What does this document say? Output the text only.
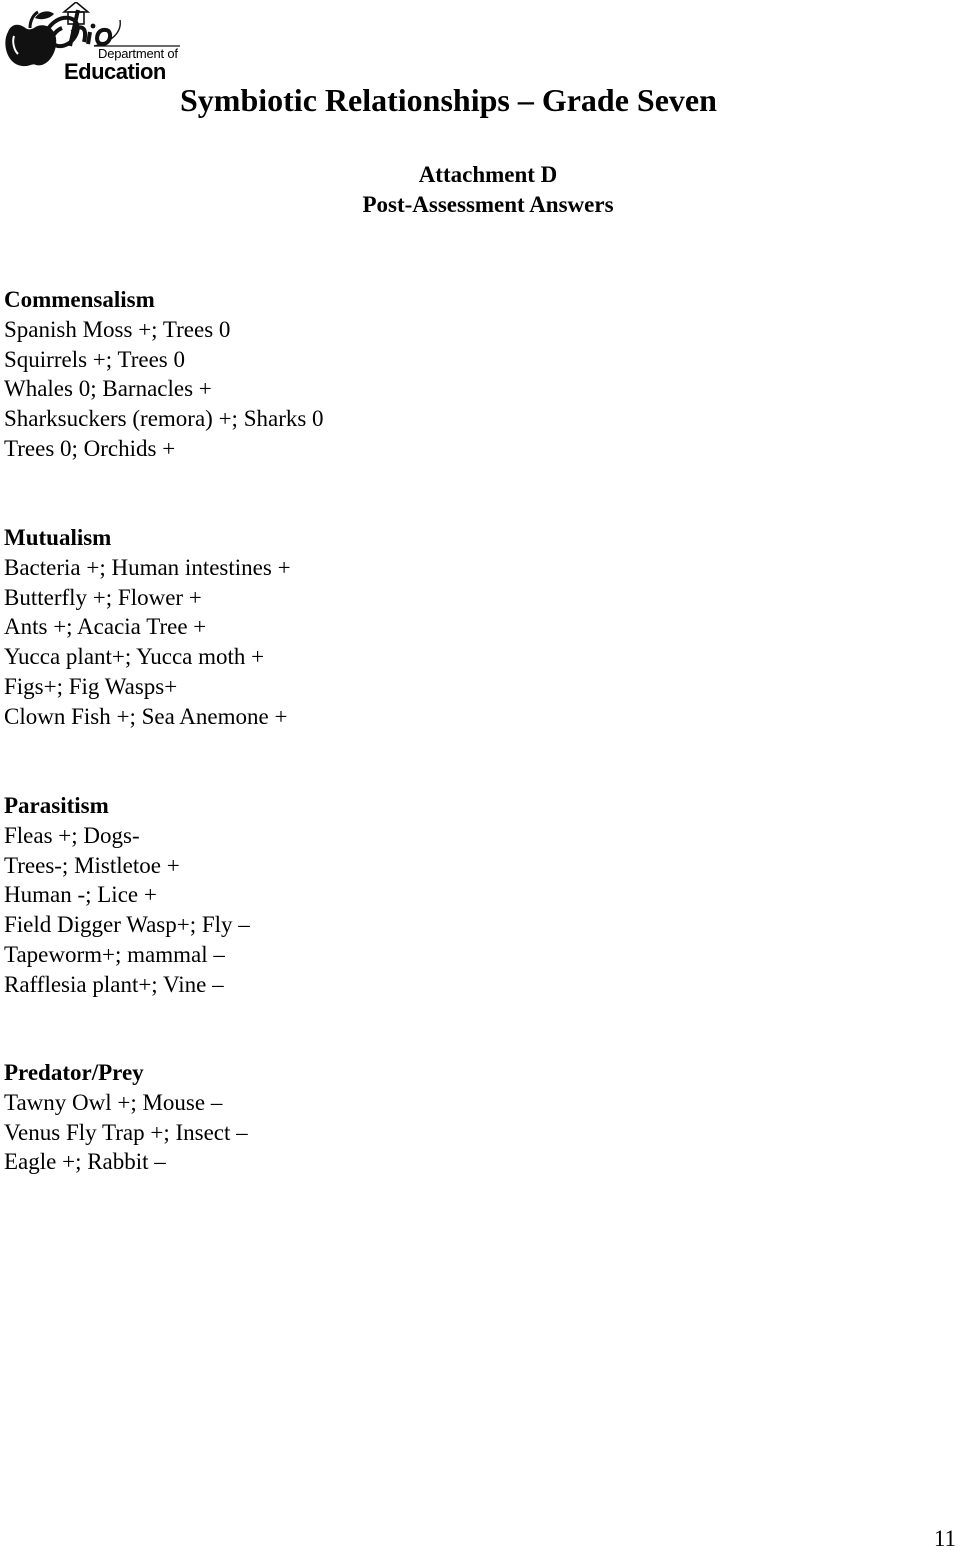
Department of
Education
Symbiotic Relationships – Grade Seven
Attachment D
Post-Assessment Answers
Commensalism
Spanish Moss +; Trees 0
Squirrels +; Trees 0
Whales 0; Barnacles +
Sharksuckers (remora) +; Sharks 0
Trees 0; Orchids +
Mutualism
Bacteria +; Human intestines +
Butterfly +; Flower +
Ants +; Acacia Tree +
Yucca plant+; Yucca moth +
Figs+; Fig Wasps+
Clown Fish +; Sea Anemone +
Parasitism
Fleas +; Dogs-
Trees-; Mistletoe +
Human -; Lice +
Field Digger Wasp+; Fly –
Tapeworm+; mammal –
Rafflesia plant+; Vine –
Predator/Prey
Tawny Owl +; Mouse –
Venus Fly Trap +; Insect –
Eagle +; Rabbit –
11
